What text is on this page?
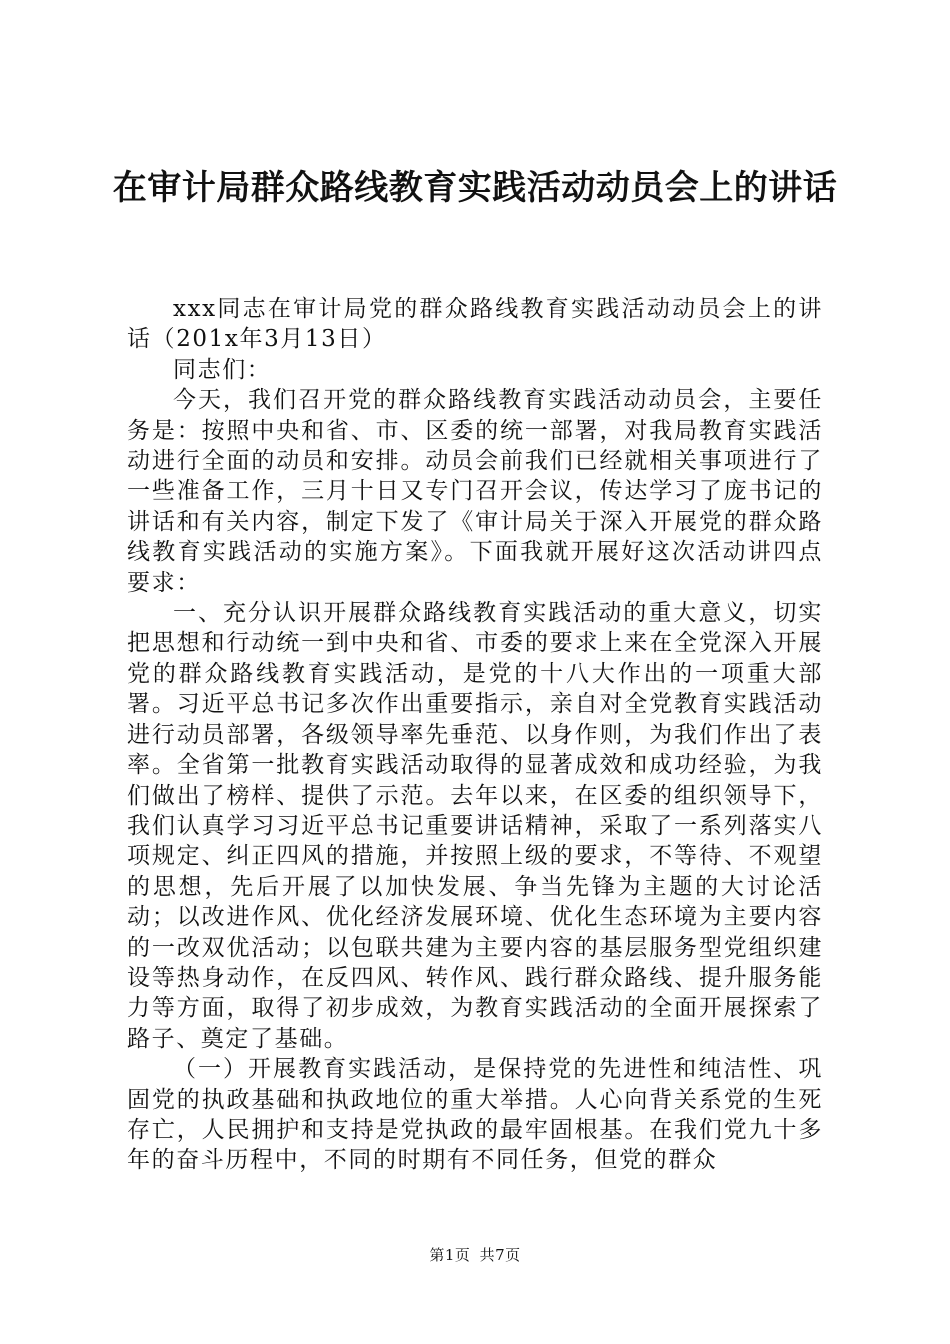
在审计局群众路线教育实践活动动员会上的讲话

xxx同志在审计局党的群众路线教育实践活动动员会上的讲话（201x年3月13日）

同志们：

今天，我们召开党的群众路线教育实践活动动员会，主要任务是：按照中央和省、市、区委的统一部署，对我局教育实践活动进行全面的动员和安排。动员会前我们已经就相关事项进行了一些准备工作，三月十日又专门召开会议，传达学习了庞书记的讲话和有关内容，制定下发了《审计局关于深入开展党的群众路线教育实践活动的实施方案》。下面我就开展好这次活动讲四点要求：

一、充分认识开展群众路线教育实践活动的重大意义，切实把思想和行动统一到中央和省、市委的要求上来在全党深入开展党的群众路线教育实践活动，是党的十八大作出的一项重大部署。习近平总书记多次作出重要指示，亲自对全党教育实践活动进行动员部署，各级领导率先垂范、以身作则，为我们作出了表率。全省第一批教育实践活动取得的显著成效和成功经验，为我们做出了榜样、提供了示范。去年以来，在区委的组织领导下，我们认真学习习近平总书记重要讲话精神，采取了一系列落实八项规定、纠正四风的措施，并按照上级的要求，不等待、不观望的思想，先后开展了以加快发展、争当先锋为主题的大讨论活动；以改进作风、优化经济发展环境、优化生态环境为主要内容的一改双优活动；以包联共建为主要内容的基层服务型党组织建设等热身动作，在反四风、转作风、践行群众路线、提升服务能力等方面，取得了初步成效，为教育实践活动的全面开展探索了路子、奠定了基础。

（一）开展教育实践活动，是保持党的先进性和纯洁性、巩固党的执政基础和执政地位的重大举措。人心向背关系党的生死存亡，人民拥护和支持是党执政的最牢固根基。在我们党九十多年的奋斗历程中，不同的时期有不同任务，但党的群众

第1页 共7页
